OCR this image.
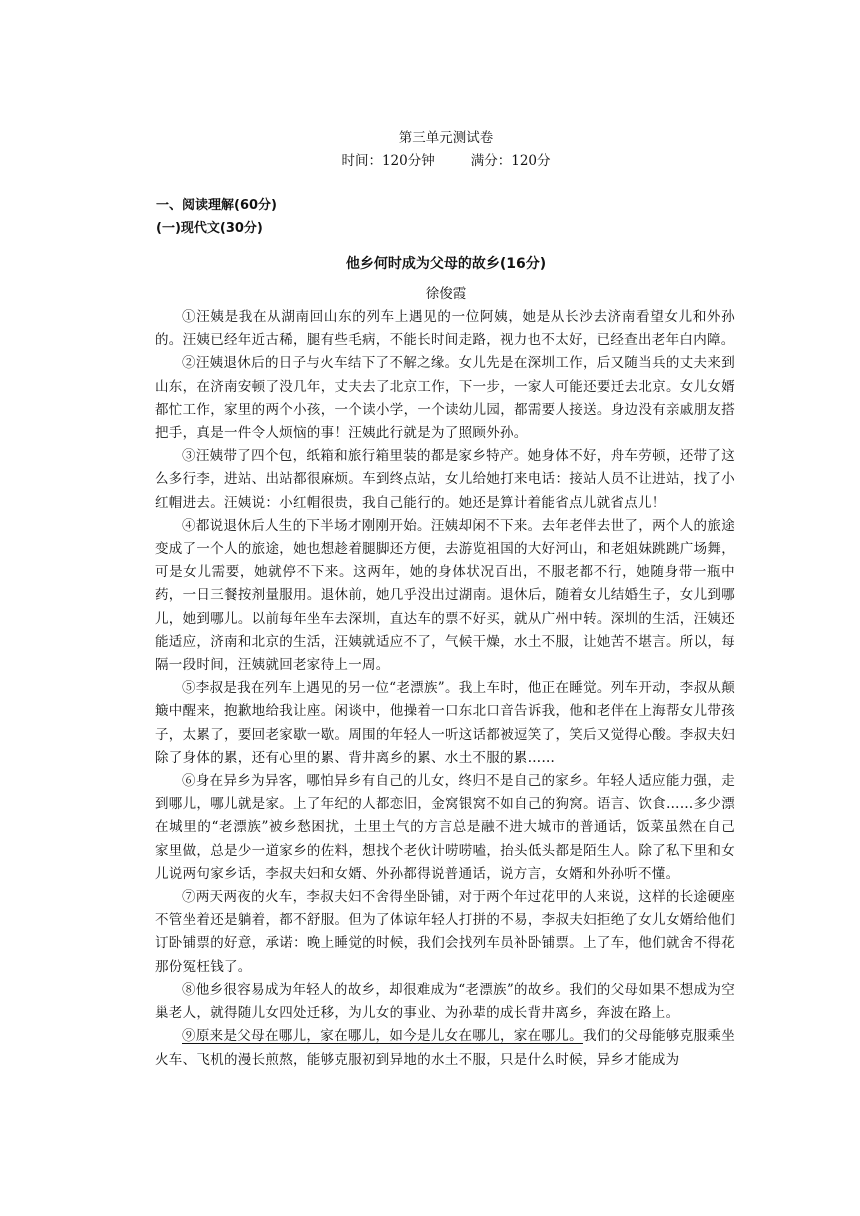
第三单元测试卷
时间：120分钟	满分：120分
一、阅读理解(60分)
(一)现代文(30分)
他乡何时成为父母的故乡(16分)
徐俊霞

①汪姨是我在从湖南回山东的列车上遇见的一位阿姨，她是从长沙去济南看望女儿和外孙的。汪姨已经年近古稀，腿有些毛病，不能长时间走路，视力也不太好，已经查出老年白内障。

②汪姨退休后的日子与火车结下了不解之缘。女儿先是在深圳工作，后又随当兵的丈夫来到山东，在济南安顿了没几年，丈夫去了北京工作，下一步，一家人可能还要迁去北京。女儿女婿都忙工作，家里的两个小孩，一个读小学，一个读幼儿园，都需要人接送。身边没有亲戚朋友搭把手，真是一件令人烦恼的事！汪姨此行就是为了照顾外孙。

③汪姨带了四个包，纸箱和旅行箱里装的都是家乡特产。她身体不好，舟车劳顿，还带了这么多行李，进站、出站都很麻烦。车到终点站，女儿给她打来电话：接站人员不让进站，找了小红帽进去。汪姨说：小红帽很贵，我自己能行的。她还是算计着能省点儿就省点儿！

④都说退休后人生的下半场才刚刚开始。汪姨却闲不下来。去年老伴去世了，两个人的旅途变成了一个人的旅途，她也想趁着腿脚还方便，去游览祖国的大好河山，和老姐妹跳跳广场舞，可是女儿需要，她就停不下来。这两年，她的身体状况百出，不服老都不行，她随身带一瓶中药，一日三餐按剂量服用。退休前，她几乎没出过湖南。退休后，随着女儿结婚生子，女儿到哪儿，她到哪儿。以前每年坐车去深圳，直达车的票不好买，就从广州中转。深圳的生活，汪姨还能适应，济南和北京的生活，汪姨就适应不了，气候干燥，水土不服，让她苦不堪言。所以，每隔一段时间，汪姨就回老家待上一周。

⑤李叔是我在列车上遇见的另一位“老漂族”。我上车时，他正在睡觉。列车开动，李叔从颠簸中醒来，抱歉地给我让座。闲谈中，他操着一口东北口音告诉我，他和老伴在上海帮女儿带孩子，太累了，要回老家歇一歇。周围的年轻人一听这话都被逗笑了，笑后又觉得心酸。李叔夫妇除了身体的累，还有心里的累、背井离乡的累、水土不服的累……

⑥身在异乡为异客，哪怕异乡有自己的儿女，终归不是自己的家乡。年轻人适应能力强，走到哪儿，哪儿就是家。上了年纪的人都恋旧，金窝银窝不如自己的狗窝。语言、饮食……多少漂在城里的“老漂族”被乡愁困扰，土里土气的方言总是融不进大城市的普通话，饭菜虽然在自己家里做，总是少一道家乡的佐料，想找个老伙计唠唠嗑，抬头低头都是陌生人。除了私下里和女儿说两句家乡话，李叔夫妇和女婿、外孙都得说普通话，说方言，女婿和外孙听不懂。

⑦两天两夜的火车，李叔夫妇不舍得坐卧铺，对于两个年过花甲的人来说，这样的长途硬座不管坐着还是躺着，都不舒服。但为了体谅年轻人打拼的不易，李叔夫妇拒绝了女儿女婿给他们订卧铺票的好意，承诺：晚上睡觉的时候，我们会找列车员补卧铺票。上了车，他们就舍不得花那份冤枉钱了。

⑧他乡很容易成为年轻人的故乡，却很难成为“老漂族”的故乡。我们的父母如果不想成为空巢老人，就得随儿女四处迁移，为儿女的事业、为孙辈的成长背井离乡，奔波在路上。

⑨原来是父母在哪儿，家在哪儿，如今是儿女在哪儿，家在哪儿。我们的父母能够克服乘坐火车、飞机的漫长煎熬，能够克服初到异地的水土不服，只是什么时候，异乡才能成为
